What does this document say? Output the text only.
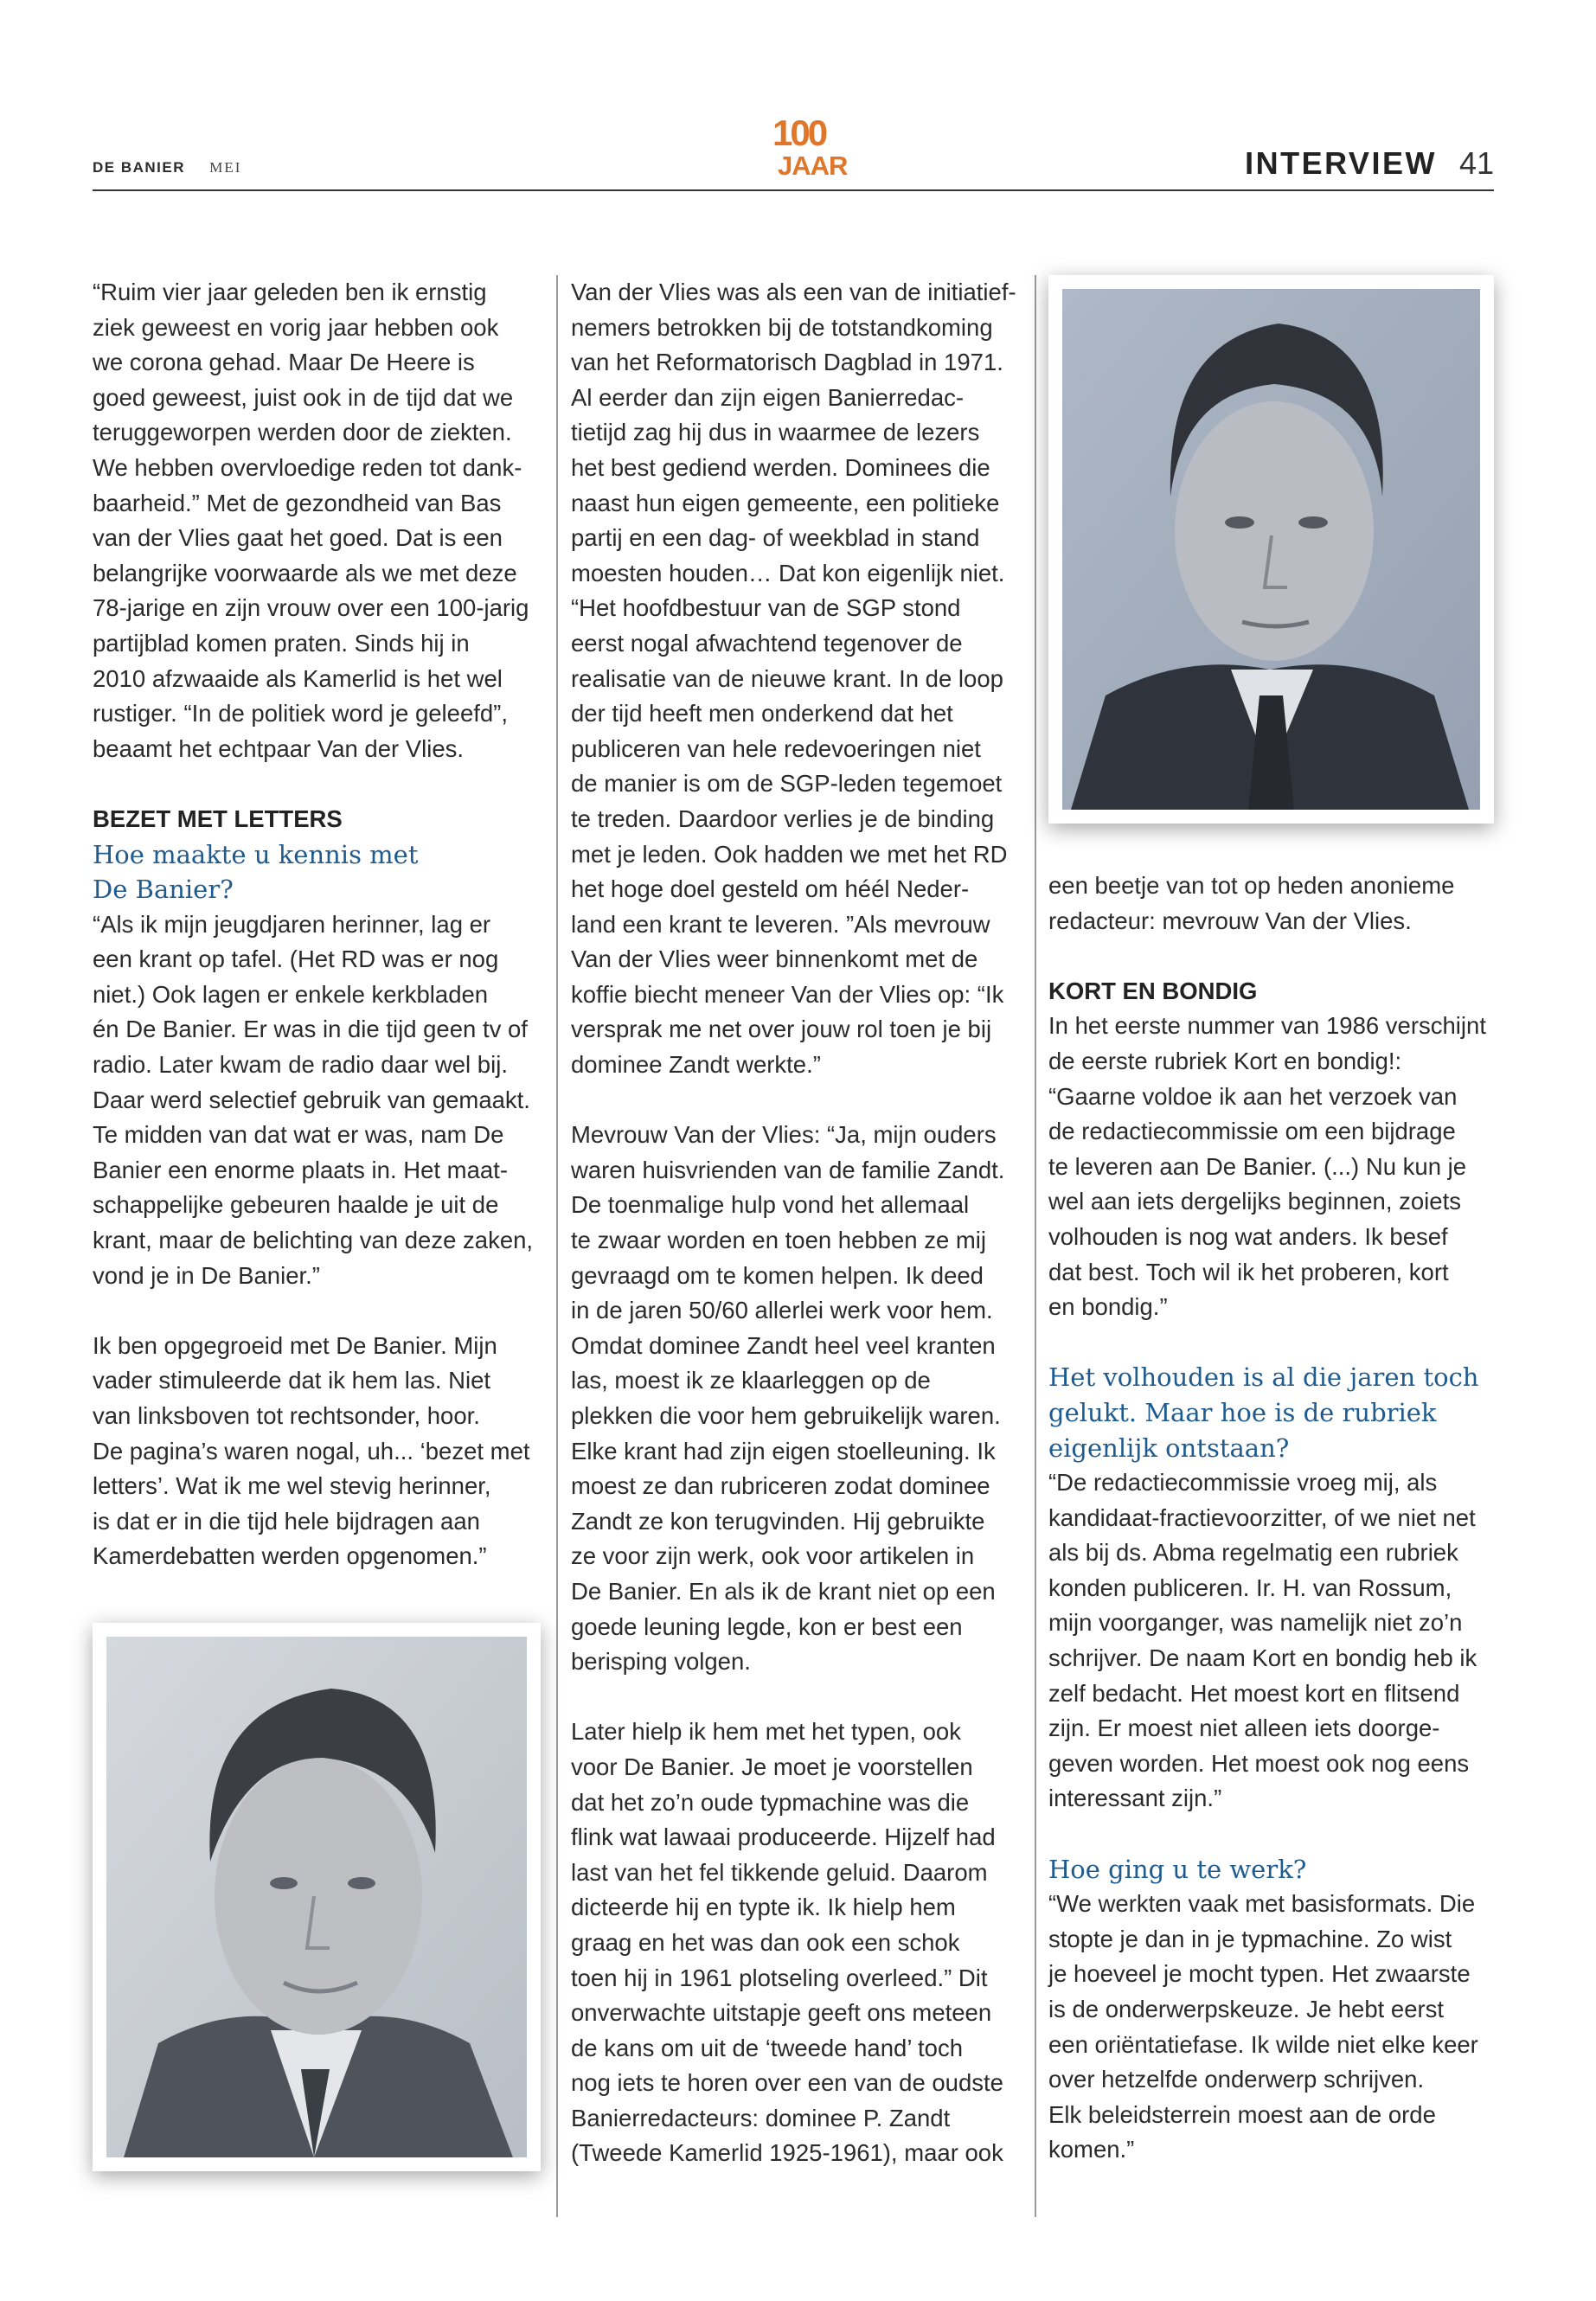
DE BANIER MEI
100
JAAR	INTERVIEW 41

“Ruim vier jaar geleden ben ik ernstig

ziek geweest en vorig jaar hebben ook

we corona gehad. Maar De Heere is

goed geweest, juist ook in de tijd dat we

teruggeworpen werden door de ziekten.

We hebben overvloedige reden tot dank-

baarheid.” Met de gezondheid van Bas

van der Vlies gaat het goed. Dat is een

belangrijke voorwaarde als we met deze

78-jarige en zijn vrouw over een 100-jarig

partijblad komen praten. Sinds hij in

2010 afzwaaide als Kamerlid is het wel

rustiger. “In de politiek word je geleefd”,

beaamt het echtpaar Van der Vlies.

BEZET MET LETTERS

Hoe maakte u kennis met

De Banier?

“Als ik mijn jeugdjaren herinner, lag er

een krant op tafel. (Het RD was er nog

niet.) Ook lagen er enkele kerkbladen

én De Banier. Er was in die tijd geen tv of

radio. Later kwam de radio daar wel bij.

Daar werd selectief gebruik van gemaakt.

Te midden van dat wat er was, nam De

Banier een enorme plaats in. Het maat-

schappelijke gebeuren haalde je uit de

krant, maar de belichting van deze zaken,

vond je in De Banier.”

Ik ben opgegroeid met De Banier. Mijn

vader stimuleerde dat ik hem las. Niet

van linksboven tot rechtsonder, hoor.

De pagina’s waren nogal, uh... ‘bezet met

letters’. Wat ik me wel stevig herinner,

is dat er in die tijd hele bijdragen aan

Kamerdebatten werden opgenomen.”

Van der Vlies was als een van de initiatief-

nemers betrokken bij de totstandkoming

van het Reformatorisch Dagblad in 1971.

Al eerder dan zijn eigen Banierredac-

tietijd zag hij dus in waarmee de lezers

het best gediend werden. Dominees die

naast hun eigen gemeente, een politieke

partij en een dag- of weekblad in stand

moesten houden… Dat kon eigenlijk niet.

“Het hoofdbestuur van de SGP stond

eerst nogal afwachtend tegenover de

realisatie van de nieuwe krant. In de loop

der tijd heeft men onderkend dat het

publiceren van hele redevoeringen niet

de manier is om de SGP-leden tegemoet

te treden. Daardoor verlies je de binding

met je leden. Ook hadden we met het RD

het hoge doel gesteld om héél Neder-

land een krant te leveren. ”Als mevrouw

Van der Vlies weer binnenkomt met de

koffie biecht meneer Van der Vlies op: “Ik

versprak me net over jouw rol toen je bij

dominee Zandt werkte.”

Mevrouw Van der Vlies: “Ja, mijn ouders

waren huisvrienden van de familie Zandt.

De toenmalige hulp vond het allemaal

te zwaar worden en toen hebben ze mij

gevraagd om te komen helpen. Ik deed

in de jaren 50/60 allerlei werk voor hem.

Omdat dominee Zandt heel veel kranten

las, moest ik ze klaarleggen op de

plekken die voor hem gebruikelijk waren.

Elke krant had zijn eigen stoelleuning. Ik

moest ze dan rubriceren zodat dominee

Zandt ze kon terugvinden. Hij gebruikte

ze voor zijn werk, ook voor artikelen in

De Banier. En als ik de krant niet op een

goede leuning legde, kon er best een

berisping volgen.

Later hielp ik hem met het typen, ook

voor De Banier. Je moet je voorstellen

dat het zo’n oude typmachine was die

flink wat lawaai produceerde. Hijzelf had

last van het fel tikkende geluid. Daarom

dicteerde hij en typte ik. Ik hielp hem

graag en het was dan ook een schok

toen hij in 1961 plotseling overleed.” Dit

onverwachte uitstapje geeft ons meteen

de kans om uit de ‘tweede hand’ toch

nog iets te horen over een van de oudste

Banierredacteurs: dominee P. Zandt

(Tweede Kamerlid 1925-1961), maar ook

een beetje van tot op heden anonieme

redacteur: mevrouw Van der Vlies.

KORT EN BONDIG

In het eerste nummer van 1986 verschijnt

de eerste rubriek Kort en bondig!:

“Gaarne voldoe ik aan het verzoek van

de redactiecommissie om een bijdrage

te leveren aan De Banier. (...) Nu kun je

wel aan iets dergelijks beginnen, zoiets

volhouden is nog wat anders. Ik besef

dat best. Toch wil ik het proberen, kort

en bondig.”

Het volhouden is al die jaren toch

gelukt. Maar hoe is de rubriek

eigenlijk ontstaan?

“De redactiecommissie vroeg mij, als

kandidaat-fractievoorzitter, of we niet net

als bij ds. Abma regelmatig een rubriek

konden publiceren. Ir. H. van Rossum,

mijn voorganger, was namelijk niet zo’n

schrijver. De naam Kort en bondig heb ik

zelf bedacht. Het moest kort en flitsend

zijn. Er moest niet alleen iets doorge-

geven worden. Het moest ook nog eens

interessant zijn.”

Hoe ging u te werk?

“We werkten vaak met basisformats. Die

stopte je dan in je typmachine. Zo wist

je hoeveel je mocht typen. Het zwaarste

is de onderwerpskeuze. Je hebt eerst

een oriëntatiefase. Ik wilde niet elke keer

over hetzelfde onderwerp schrijven.

Elk beleidsterrein moest aan de orde

komen.”
